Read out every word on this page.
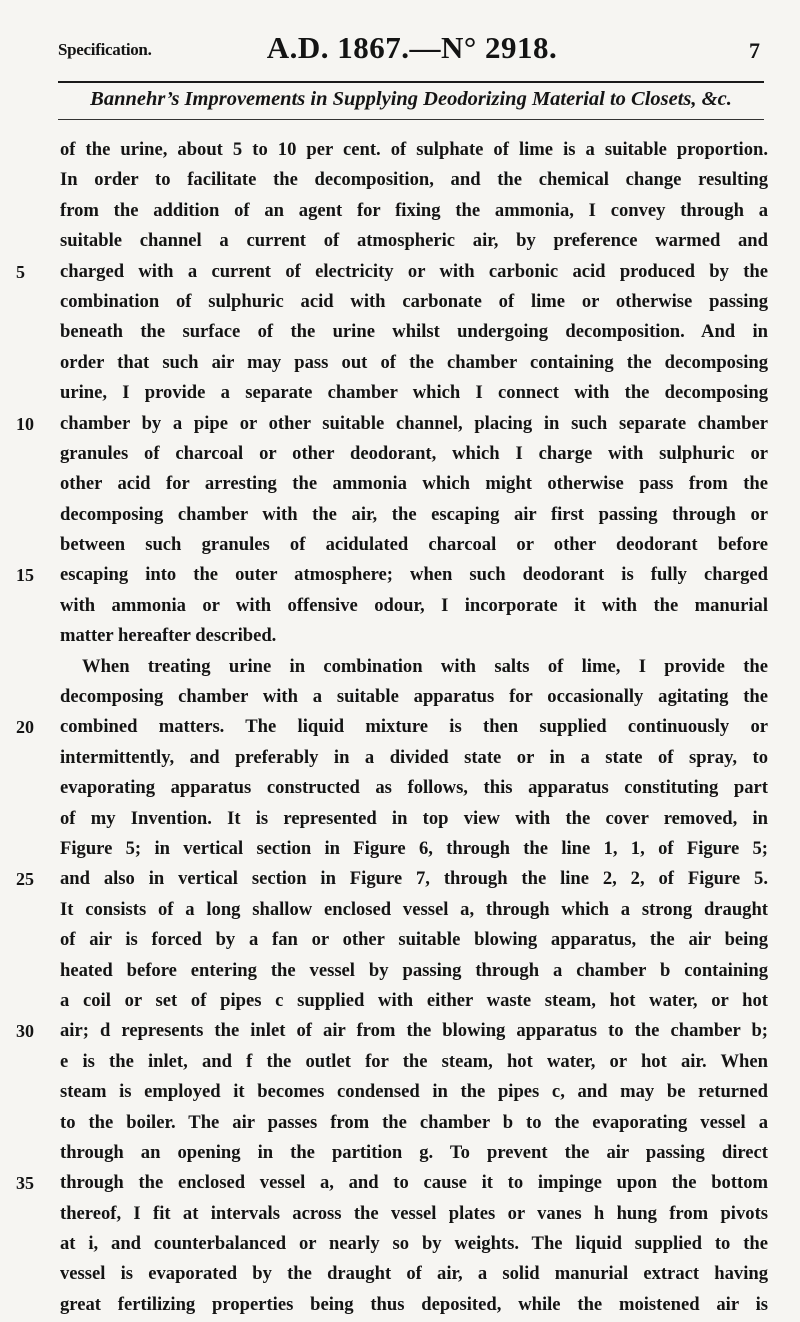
Specification.	A.D. 1867.—N° 2918.	7
Bannehr’s Improvements in Supplying Deodorizing Material to Closets, &c.
of the urine, about 5 to 10 per cent. of sulphate of lime is a suitable proportion.
In order to facilitate the decomposition, and the chemical change resulting
from the addition of an agent for fixing the ammonia, I convey through a
suitable channel a current of atmospheric air, by preference warmed and
5	charged with a current of electricity or with carbonic acid produced by the
combination of sulphuric acid with carbonate of lime or otherwise passing
beneath the surface of the urine whilst undergoing decomposition. And in
order that such air may pass out of the chamber containing the decomposing
urine, I provide a separate chamber which I connect with the decomposing
10	chamber by a pipe or other suitable channel, placing in such separate chamber
granules of charcoal or other deodorant, which I charge with sulphuric or
other acid for arresting the ammonia which might otherwise pass from the
decomposing chamber with the air, the escaping air first passing through or
between such granules of acidulated charcoal or other deodorant before
15	escaping into the outer atmosphere; when such deodorant is fully charged
with ammonia or with offensive odour, I incorporate it with the manurial
matter hereafter described.
When treating urine in combination with salts of lime, I provide the
decomposing chamber with a suitable apparatus for occasionally agitating the
20	combined matters. The liquid mixture is then supplied continuously or
intermittently, and preferably in a divided state or in a state of spray, to
evaporating apparatus constructed as follows, this apparatus constituting part
of my Invention. It is represented in top view with the cover removed, in
Figure 5; in vertical section in Figure 6, through the line 1, 1, of Figure 5;
25	and also in vertical section in Figure 7, through the line 2, 2, of Figure 5.
It consists of a long shallow enclosed vessel a, through which a strong draught
of air is forced by a fan or other suitable blowing apparatus, the air being
heated before entering the vessel by passing through a chamber b containing
a coil or set of pipes c supplied with either waste steam, hot water, or hot
30	air; d represents the inlet of air from the blowing apparatus to the chamber b;
e is the inlet, and f the outlet for the steam, hot water, or hot air. When
steam is employed it becomes condensed in the pipes c, and may be returned
to the boiler. The air passes from the chamber b to the evaporating vessel a
through an opening in the partition g. To prevent the air passing direct
35	through the enclosed vessel a, and to cause it to impinge upon the bottom
thereof, I fit at intervals across the vessel plates or vanes h hung from pivots
at i, and counterbalanced or nearly so by weights. The liquid supplied to the
vessel is evaporated by the draught of air, a solid manurial extract having
great fertilizing properties being thus deposited, while the moistened air is
